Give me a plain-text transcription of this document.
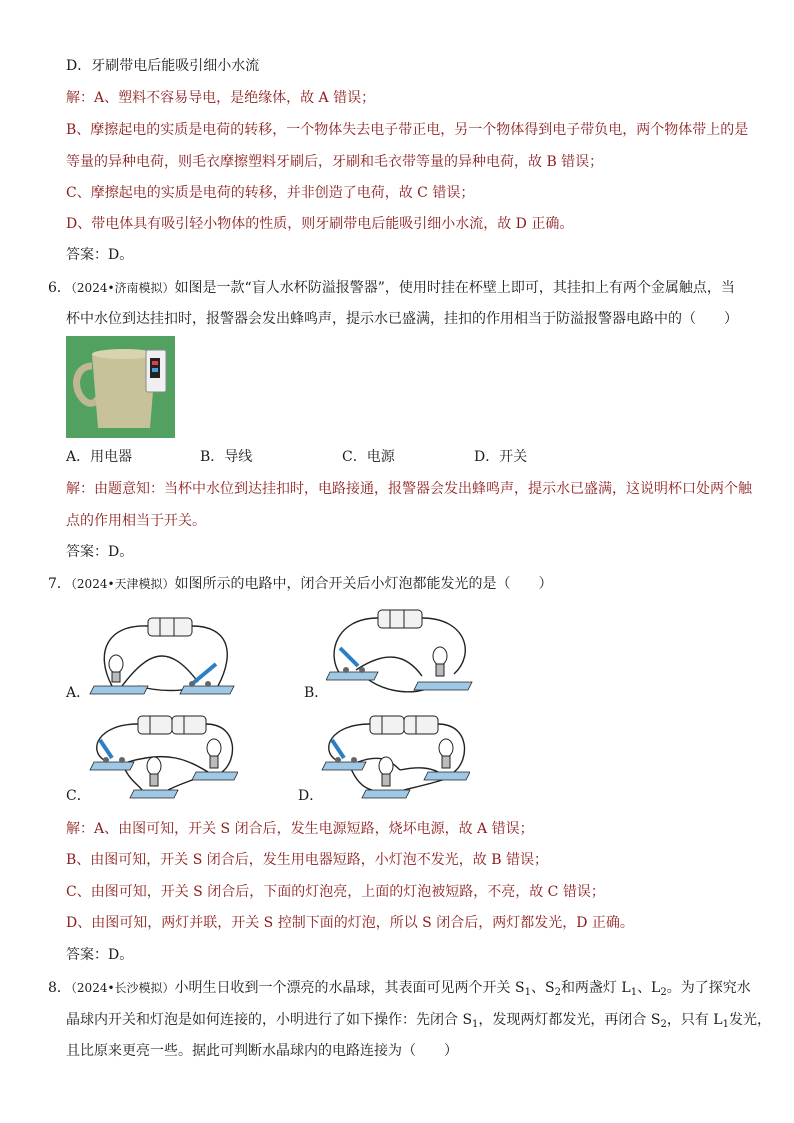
D．牙刷带电后能吸引细小水流
解：A、塑料不容易导电，是绝缘体，故 A 错误；
B、摩擦起电的实质是电荷的转移，一个物体失去电子带正电，另一个物体得到电子带负电，两个物体带上的是
等量的异种电荷，则毛衣摩擦塑料牙刷后，牙刷和毛衣带等量的异种电荷，故 B 错误；
C、摩擦起电的实质是电荷的转移，并非创造了电荷，故 C 错误；
D、带电体具有吸引轻小物体的性质，则牙刷带电后能吸引细小水流，故 D 正确。
答案：D。
6．（2024•济南模拟）如图是一款“盲人水杯防溢报警器”，使用时挂在杯壁上即可，其挂扣上有两个金属触点，当
杯中水位到达挂扣时，报警器会发出蜂鸣声，提示水已盛满，挂扣的作用相当于防溢报警器电路中的（　　）
A．用电器	B．导线	C．电源	D．开关
解：由题意知：当杯中水位到达挂扣时，电路接通，报警器会发出蜂鸣声，提示水已盛满，这说明杯口处两个触
点的作用相当于开关。
答案：D。
7．（2024•天津模拟）如图所示的电路中，闭合开关后小灯泡都能发光的是（　　）
A．	B．
C．	D．
解：A、由图可知，开关 S 闭合后，发生电源短路，烧坏电源，故 A 错误；
B、由图可知，开关 S 闭合后，发生用电器短路，小灯泡不发光，故 B 错误；
C、由图可知，开关 S 闭合后，下面的灯泡亮，上面的灯泡被短路，不亮，故 C 错误；
D、由图可知，两灯并联，开关 S 控制下面的灯泡，所以 S 闭合后，两灯都发光，D 正确。
答案：D。
8．（2024•长沙模拟）小明生日收到一个漂亮的水晶球，其表面可见两个开关 $S_1$、$S_2$和两盏灯 $L_1$、$L_2$。为了探究水
晶球内开关和灯泡是如何连接的，小明进行了如下操作：先闭合 $S_1$，发现两灯都发光，再闭合 $S_2$，只有 $L_1$发光，
且比原来更亮一些。据此可判断水晶球内的电路连接为（　　）
